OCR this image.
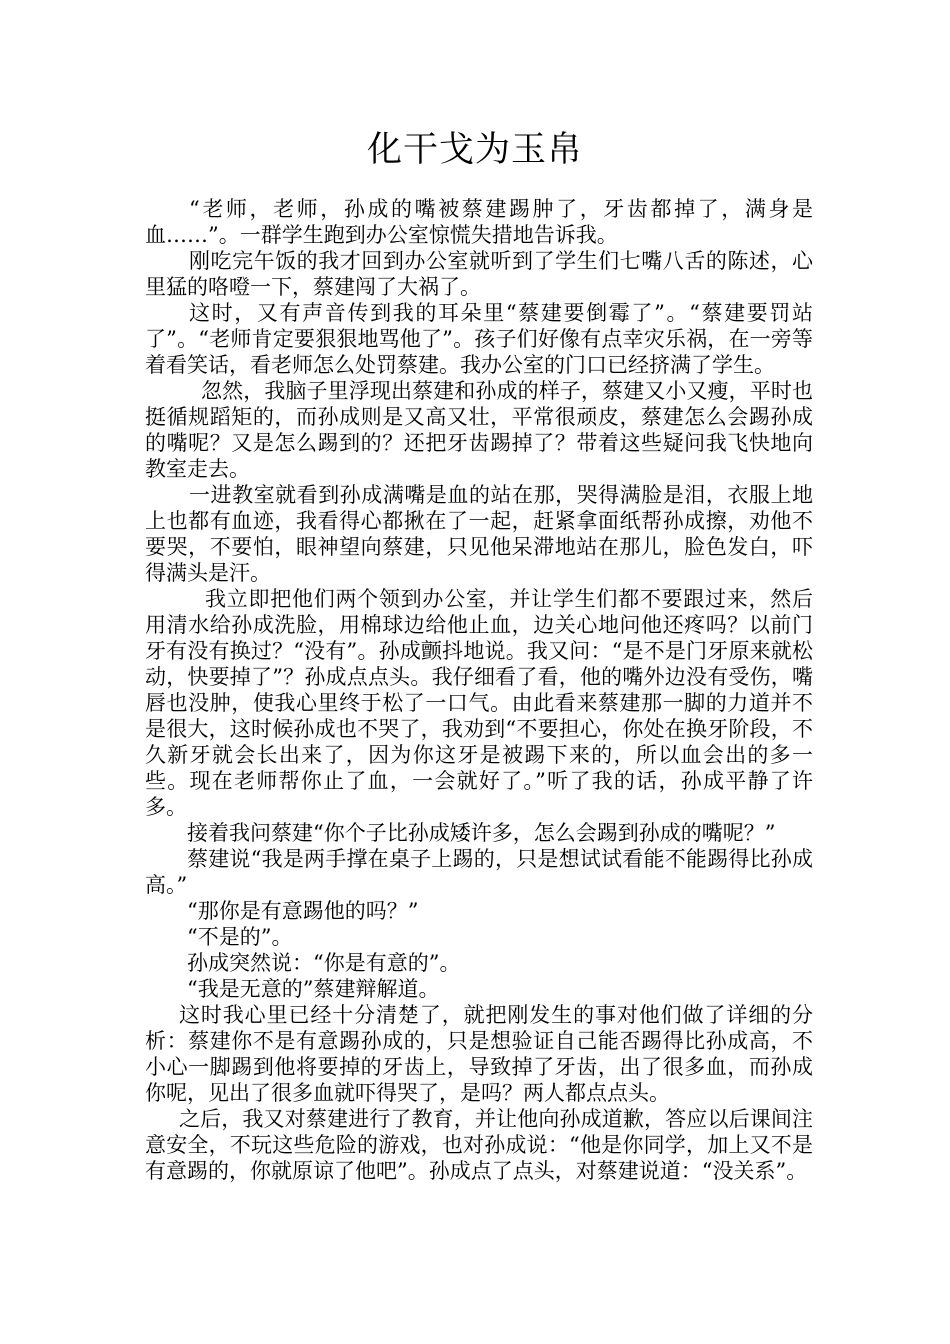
化干戈为玉帛

“老师，老师，孙成的嘴被蔡建踢肿了，牙齿都掉了，满身是血……”。一群学生跑到办公室惊慌失措地告诉我。

刚吃完午饭的我才回到办公室就听到了学生们七嘴八舌的陈述，心里猛的咯噔一下，蔡建闯了大祸了。

这时，又有声音传到我的耳朵里“蔡建要倒霉了”。“蔡建要罚站了”。“老师肯定要狠狠地骂他了”。孩子们好像有点幸灾乐祸，在一旁等着看笑话，看老师怎么处罚蔡建。我办公室的门口已经挤满了学生。

忽然，我脑子里浮现出蔡建和孙成的样子，蔡建又小又瘦，平时也挺循规蹈矩的，而孙成则是又高又壮，平常很顽皮，蔡建怎么会踢孙成的嘴呢？又是怎么踢到的？还把牙齿踢掉了？带着这些疑问我飞快地向教室走去。

一进教室就看到孙成满嘴是血的站在那，哭得满脸是泪，衣服上地上也都有血迹，我看得心都揪在了一起，赶紧拿面纸帮孙成擦，劝他不要哭，不要怕，眼神望向蔡建，只见他呆滞地站在那儿，脸色发白，吓得满头是汗。

我立即把他们两个领到办公室，并让学生们都不要跟过来，然后用清水给孙成洗脸，用棉球边给他止血，边关心地问他还疼吗？以前门牙有没有换过？“没有”。孙成颤抖地说。我又问：“是不是门牙原来就松动，快要掉了”？孙成点点头。我仔细看了看，他的嘴外边没有受伤，嘴唇也没肿，使我心里终于松了一口气。由此看来蔡建那一脚的力道并不是很大，这时候孙成也不哭了，我劝到“不要担心，你处在换牙阶段，不久新牙就会长出来了，因为你这牙是被踢下来的，所以血会出的多一些。现在老师帮你止了血，一会就好了。”听了我的话，孙成平静了许多。

接着我问蔡建“你个子比孙成矮许多，怎么会踢到孙成的嘴呢？”

蔡建说“我是两手撑在桌子上踢的，只是想试试看能不能踢得比孙成高。”

“那你是有意踢他的吗？”

“不是的”。

孙成突然说：“你是有意的”。

“我是无意的”蔡建辩解道。

这时我心里已经十分清楚了，就把刚发生的事对他们做了详细的分析：蔡建你不是有意踢孙成的，只是想验证自己能否踢得比孙成高，不小心一脚踢到他将要掉的牙齿上，导致掉了牙齿，出了很多血，而孙成你呢，见出了很多血就吓得哭了，是吗？两人都点点头。

之后，我又对蔡建进行了教育，并让他向孙成道歉，答应以后课间注意安全，不玩这些危险的游戏，也对孙成说：“他是你同学，加上又不是有意踢的，你就原谅了他吧”。孙成点了点头，对蔡建说道：“没关系”。
